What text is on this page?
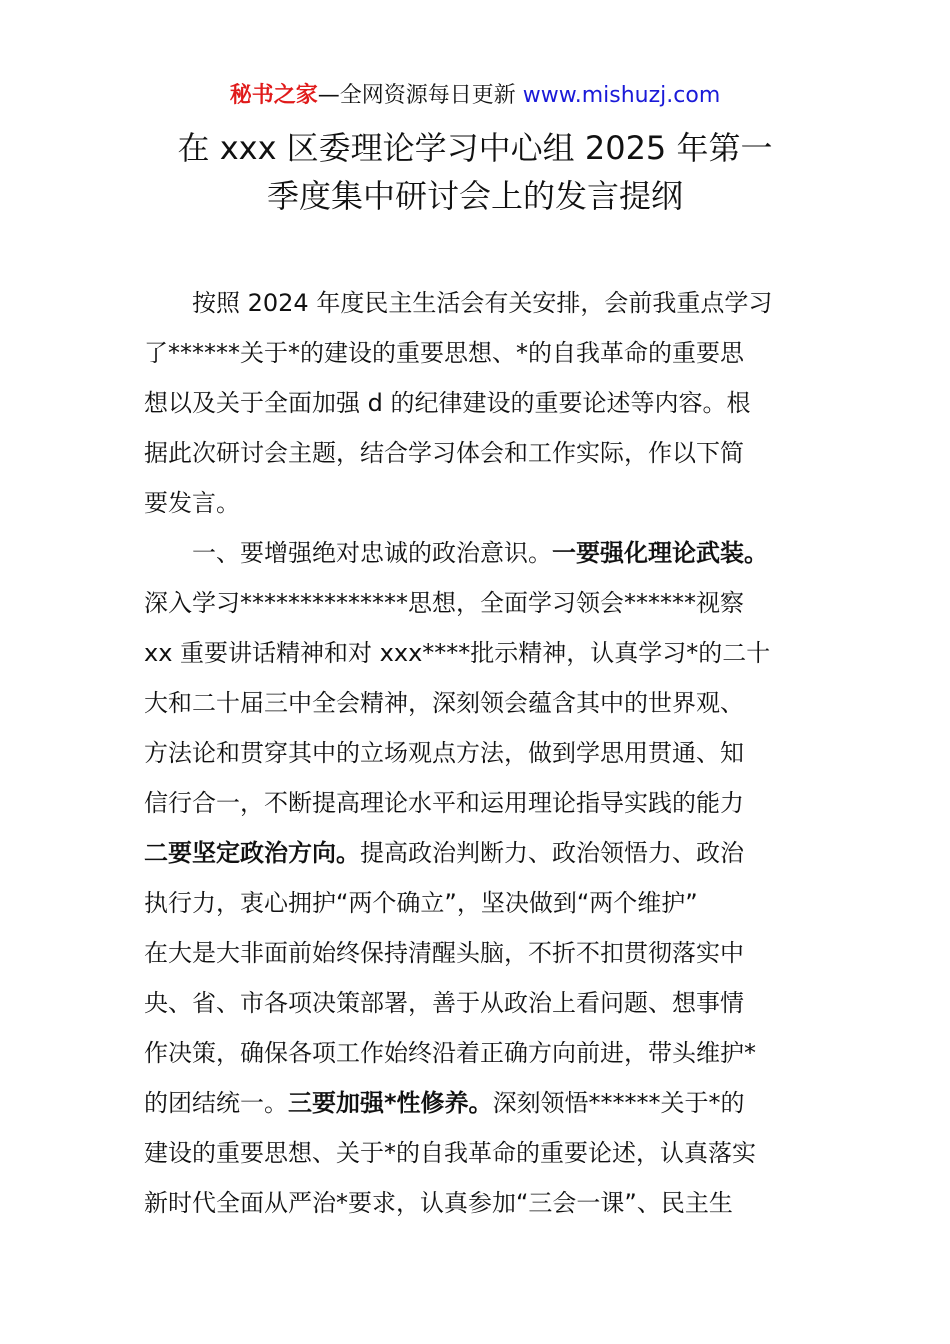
秘书之家—全网资源每日更新 www.mishuzj.com
在 xxx 区委理论学习中心组 2025 年第一
季度集中研讨会上的发言提纲
按照 2024 年度民主生活会有关安排，会前我重点学习
了******关于*的建设的重要思想、*的自我革命的重要思
想以及关于全面加强 d 的纪律建设的重要论述等内容。根
据此次研讨会主题，结合学习体会和工作实际，作以下简
要发言。
一、要增强绝对忠诚的政治意识。一要强化理论武装。
深入学习**************思想，全面学习领会******视察
xx 重要讲话精神和对 xxx****批示精神，认真学习*的二十
大和二十届三中全会精神，深刻领会蕴含其中的世界观、
方法论和贯穿其中的立场观点方法，做到学思用贯通、知
信行合一，不断提高理论水平和运用理论指导实践的能力
二要坚定政治方向。提高政治判断力、政治领悟力、政治
执行力，衷心拥护“两个确立”，坚决做到“两个维护”
在大是大非面前始终保持清醒头脑，不折不扣贯彻落实中
央、省、市各项决策部署，善于从政治上看问题、想事情
作决策，确保各项工作始终沿着正确方向前进，带头维护*
的团结统一。三要加强*性修养。深刻领悟******关于*的
建设的重要思想、关于*的自我革命的重要论述，认真落实
新时代全面从严治*要求，认真参加“三会一课”、民主生
